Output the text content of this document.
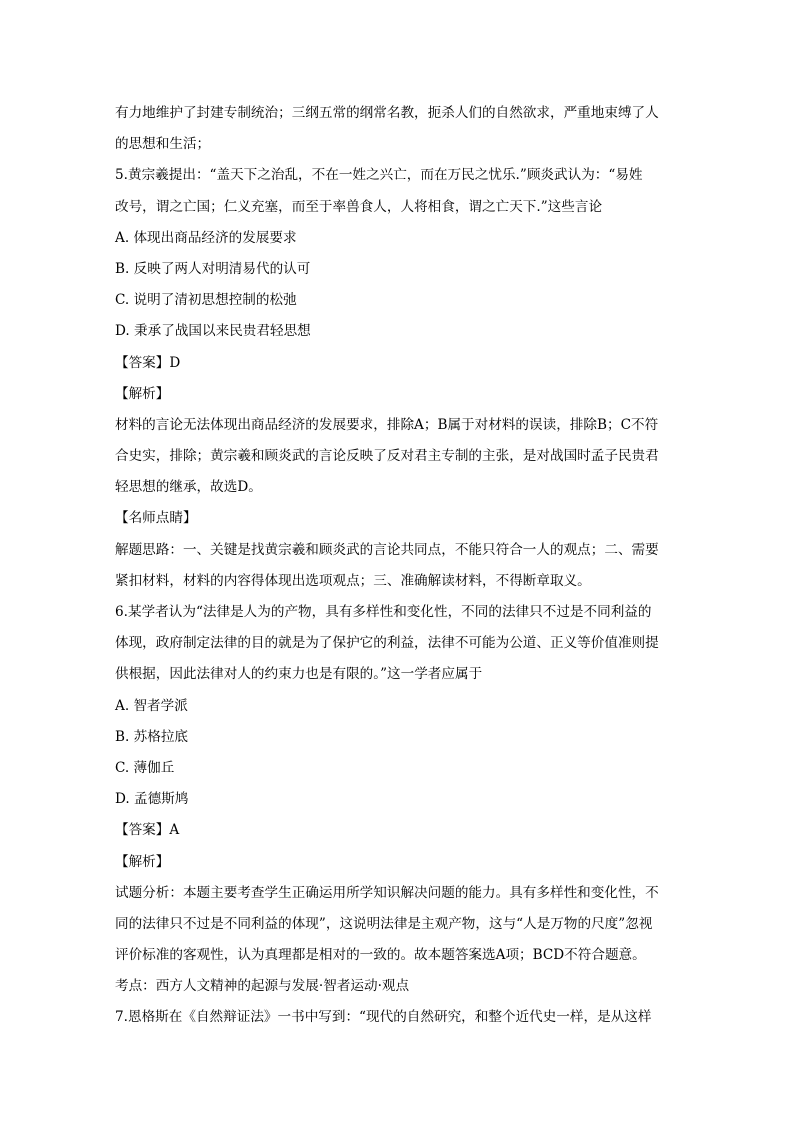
有力地维护了封建专制统治；三纲五常的纲常名教，扼杀人们的自然欲求，严重地束缚了人
的思想和生活；
5.黄宗羲提出：“盖天下之治乱，不在一姓之兴亡，而在万民之忧乐.”顾炎武认为：“易姓
改号，谓之亡国；仁义充塞，而至于率兽食人，人将相食，谓之亡天下.”这些言论
A. 体现出商品经济的发展要求
B. 反映了两人对明清易代的认可
C. 说明了清初思想控制的松弛
D. 秉承了战国以来民贵君轻思想
【答案】D
【解析】
材料的言论无法体现出商品经济的发展要求，排除A；B属于对材料的误读，排除B；C不符
合史实，排除；黄宗羲和顾炎武的言论反映了反对君主专制的主张，是对战国时孟子民贵君
轻思想的继承，故选D。
【名师点睛】
解题思路：一、关键是找黄宗羲和顾炎武的言论共同点，不能只符合一人的观点；二、需要
紧扣材料，材料的内容得体现出选项观点；三、准确解读材料，不得断章取义。
6.某学者认为“法律是人为的产物，具有多样性和变化性，不同的法律只不过是不同利益的
体现，政府制定法律的目的就是为了保护它的利益，法律不可能为公道、正义等价值准则提
供根据，因此法律对人的约束力也是有限的。”这一学者应属于
A. 智者学派
B. 苏格拉底
C. 薄伽丘
D. 孟德斯鸠
【答案】A
【解析】
试题分析：本题主要考查学生正确运用所学知识解决问题的能力。具有多样性和变化性，不
同的法律只不过是不同利益的体现”，这说明法律是主观产物，这与“人是万物的尺度”忽视
评价标准的客观性，认为真理都是相对的一致的。故本题答案选A项；BCD不符合题意。
考点：西方人文精神的起源与发展·智者运动·观点
7.恩格斯在《自然辩证法》一书中写到：“现代的自然研究，和整个近代史一样，是从这样
